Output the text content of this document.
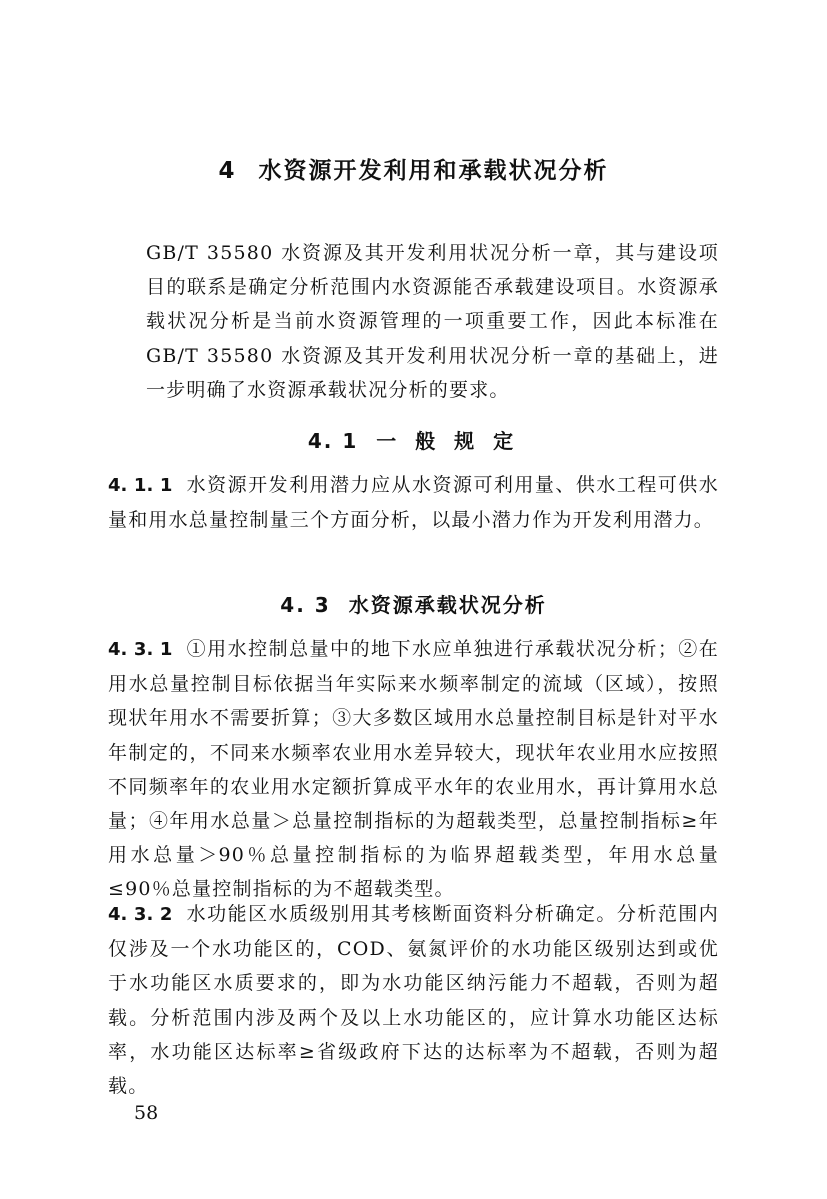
4 水资源开发利用和承载状况分析
GB/T 35580 水资源及其开发利用状况分析一章，其与建设项目的联系是确定分析范围内水资源能否承载建设项目。水资源承载状况分析是当前水资源管理的一项重要工作，因此本标准在GB/T 35580 水资源及其开发利用状况分析一章的基础上，进一步明确了水资源承载状况分析的要求。
4. 1 一 般 规 定
4. 1. 1 水资源开发利用潜力应从水资源可利用量、供水工程可供水量和用水总量控制量三个方面分析，以最小潜力作为开发利用潜力。
4. 3 水资源承载状况分析
4. 3. 1 ①用水控制总量中的地下水应单独进行承载状况分析；②在用水总量控制目标依据当年实际来水频率制定的流域（区域），按照现状年用水不需要折算；③大多数区域用水总量控制目标是针对平水年制定的，不同来水频率农业用水差异较大，现状年农业用水应按照不同频率年的农业用水定额折算成平水年的农业用水，再计算用水总量；④年用水总量＞总量控制指标的为超载类型，总量控制指标≥年用水总量＞90％总量控制指标的为临界超载类型，年用水总量≤90％总量控制指标的为不超载类型。
4. 3. 2 水功能区水质级别用其考核断面资料分析确定。分析范围内仅涉及一个水功能区的，COD、氨氮评价的水功能区级别达到或优于水功能区水质要求的，即为水功能区纳污能力不超载，否则为超载。分析范围内涉及两个及以上水功能区的，应计算水功能区达标率，水功能区达标率≥省级政府下达的达标率为不超载，否则为超载。
58
